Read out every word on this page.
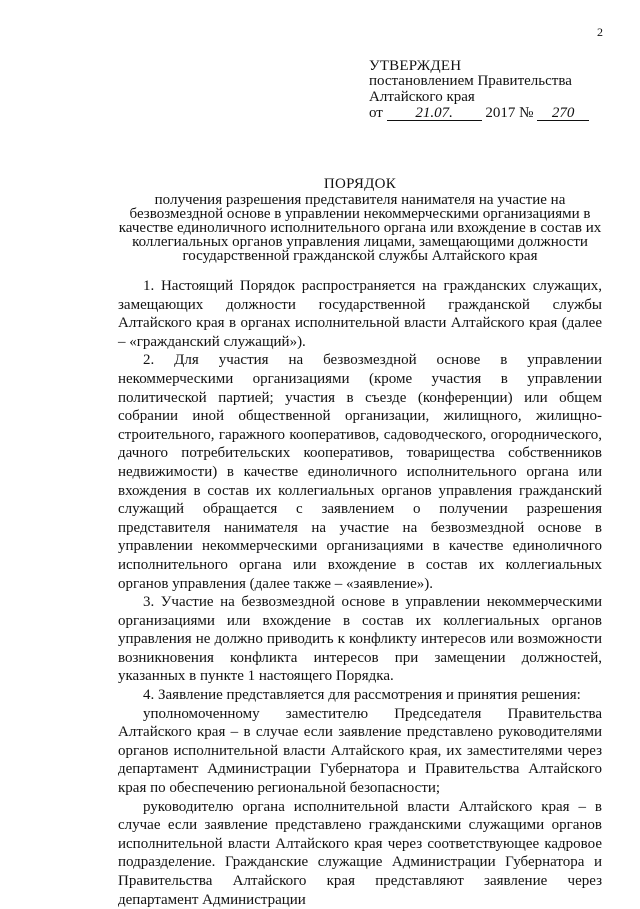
2
УТВЕРЖДЕН
постановлением Правительства
Алтайского края
от 21.07. 2017 № 270
ПОРЯДОК
получения разрешения представителя нанимателя на участие на безвозмездной основе в управлении некоммерческими организациями в качестве единоличного исполнительного органа или вхождение в состав их коллегиальных органов управления лицами, замещающими должности государственной гражданской службы Алтайского края

1. Настоящий Порядок распространяется на гражданских служащих, замещающих должности государственной гражданской службы Алтайского края в органах исполнительной власти Алтайского края (далее – «гражданский служащий»).

2. Для участия на безвозмездной основе в управлении некоммерческими организациями (кроме участия в управлении политической партией; участия в съезде (конференции) или общем собрании иной общественной организации, жилищного, жилищно-строительного, гаражного кооперативов, садоводческого, огороднического, дачного потребительских кооперативов, товарищества собственников недвижимости) в качестве единоличного исполнительного органа или вхождения в состав их коллегиальных органов управления гражданский служащий обращается с заявлением о получении разрешения представителя нанимателя на участие на безвозмездной основе в управлении некоммерческими организациями в качестве единоличного исполнительного органа или вхождение в состав их коллегиальных органов управления (далее также – «заявление»).

3. Участие на безвозмездной основе в управлении некоммерческими организациями или вхождение в состав их коллегиальных органов управления не должно приводить к конфликту интересов или возможности возникновения конфликта интересов при замещении должностей, указанных в пункте 1 настоящего Порядка.

4. Заявление представляется для рассмотрения и принятия решения:

уполномоченному заместителю Председателя Правительства Алтайского края – в случае если заявление представлено руководителями органов исполнительной власти Алтайского края, их заместителями через департамент Администрации Губернатора и Правительства Алтайского края по обеспечению региональной безопасности;

руководителю органа исполнительной власти Алтайского края – в случае если заявление представлено гражданскими служащими органов исполнительной власти Алтайского края через соответствующее кадровое подразделение. Гражданские служащие Администрации Губернатора и Правительства Алтайского края представляют заявление через департамент Администрации
